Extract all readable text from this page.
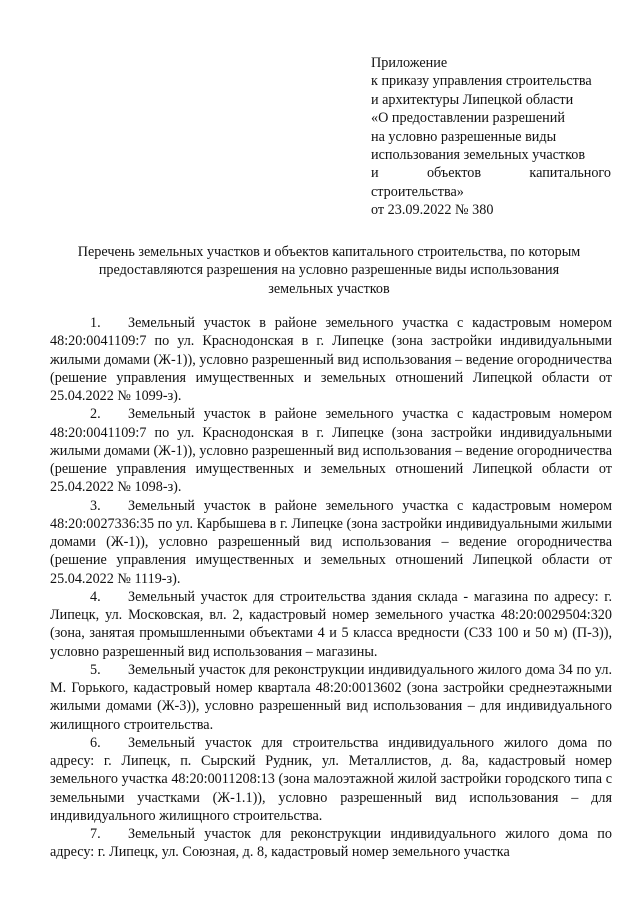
Приложение
к приказу управления строительства
и архитектуры Липецкой области
«О предоставлении разрешений
на условно разрешенные виды
использования земельных участков
и	объектов	капитального
строительства»
от 23.09.2022 № 380
Перечень земельных участков и объектов капитального строительства, по которым
предоставляются разрешения на условно разрешенные виды использования
земельных участков

1. Земельный участок в районе земельного участка с кадастровым номером 48:20:0041109:7 по ул. Краснодонская в г. Липецке (зона застройки индивидуальными жилыми домами (Ж-1)), условно разрешенный вид использования – ведение огородничества (решение управления имущественных и земельных отношений Липецкой области от 25.04.2022 № 1099-з).

2. Земельный участок в районе земельного участка с кадастровым номером 48:20:0041109:7 по ул. Краснодонская в г. Липецке (зона застройки индивидуальными жилыми домами (Ж-1)), условно разрешенный вид использования – ведение огородничества (решение управления имущественных и земельных отношений Липецкой области от 25.04.2022 № 1098-з).

3. Земельный участок в районе земельного участка с кадастровым номером 48:20:0027336:35 по ул. Карбышева в г. Липецке (зона застройки индивидуальными жилыми домами (Ж-1)), условно разрешенный вид использования – ведение огородничества (решение управления имущественных и земельных отношений Липецкой области от 25.04.2022 № 1119-з).

4. Земельный участок для строительства здания склада - магазина по адресу: г. Липецк, ул. Московская, вл. 2, кадастровый номер земельного участка 48:20:0029504:320 (зона, занятая промышленными объектами 4 и 5 класса вредности (СЗЗ 100 и 50 м) (П-3)), условно разрешенный вид использования – магазины.

5. Земельный участок для реконструкции индивидуального жилого дома 34 по ул. М. Горького, кадастровый номер квартала 48:20:0013602 (зона застройки среднеэтажными жилыми домами (Ж-3)), условно разрешенный вид использования – для индивидуального жилищного строительства.

6. Земельный участок для строительства индивидуального жилого дома по адресу: г. Липецк, п. Сырский Рудник, ул. Металлистов, д. 8а, кадастровый номер земельного участка 48:20:0011208:13 (зона малоэтажной жилой застройки городского типа с земельными участками (Ж-1.1)), условно разрешенный вид использования – для индивидуального жилищного строительства.

7. Земельный участок для реконструкции индивидуального жилого дома по адресу: г. Липецк, ул. Союзная, д. 8, кадастровый номер земельного участка
